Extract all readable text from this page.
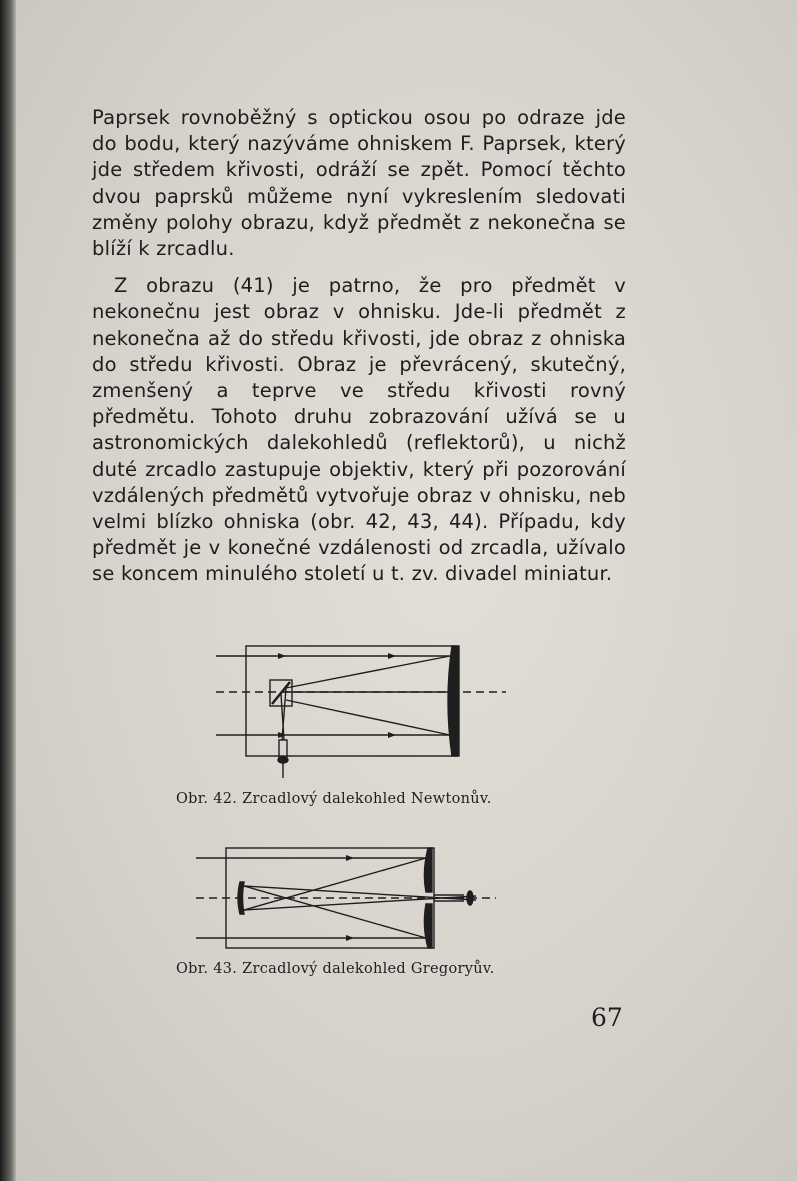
Paprsek rovnoběžný s optickou osou po odraze jde do bodu, který nazýváme ohniskem F. Paprsek, který jde středem křivosti, odráží se zpět. Pomocí těchto dvou paprsků můžeme nyní vykreslením sledovati změny polohy obrazu, když předmět z nekonečna se blíží k zrcadlu.

Z obrazu (41) je patrno, že pro předmět v nekonečnu jest obraz v ohnisku. Jde-li předmět z nekonečna až do středu křivosti, jde obraz z ohniska do středu křivosti. Obraz je převrácený, skutečný, zmenšený a teprve ve středu křivosti rovný předmětu. Tohoto druhu zobrazování užívá se u astronomických dalekohledů (reflektorů), u nichž duté zrcadlo zastupuje objektiv, který při pozorování vzdálených předmětů vytvořuje obraz v ohnisku, neb velmi blízko ohniska (obr. 42, 43, 44). Případu, kdy předmět je v konečné vzdálenosti od zrcadla, užívalo se koncem minulého století u t. zv. divadel miniatur.

Obr. 42. Zrcadlový dalekohled Newtonův.
Obr. 43. Zrcadlový dalekohled Gregoryův.
67
